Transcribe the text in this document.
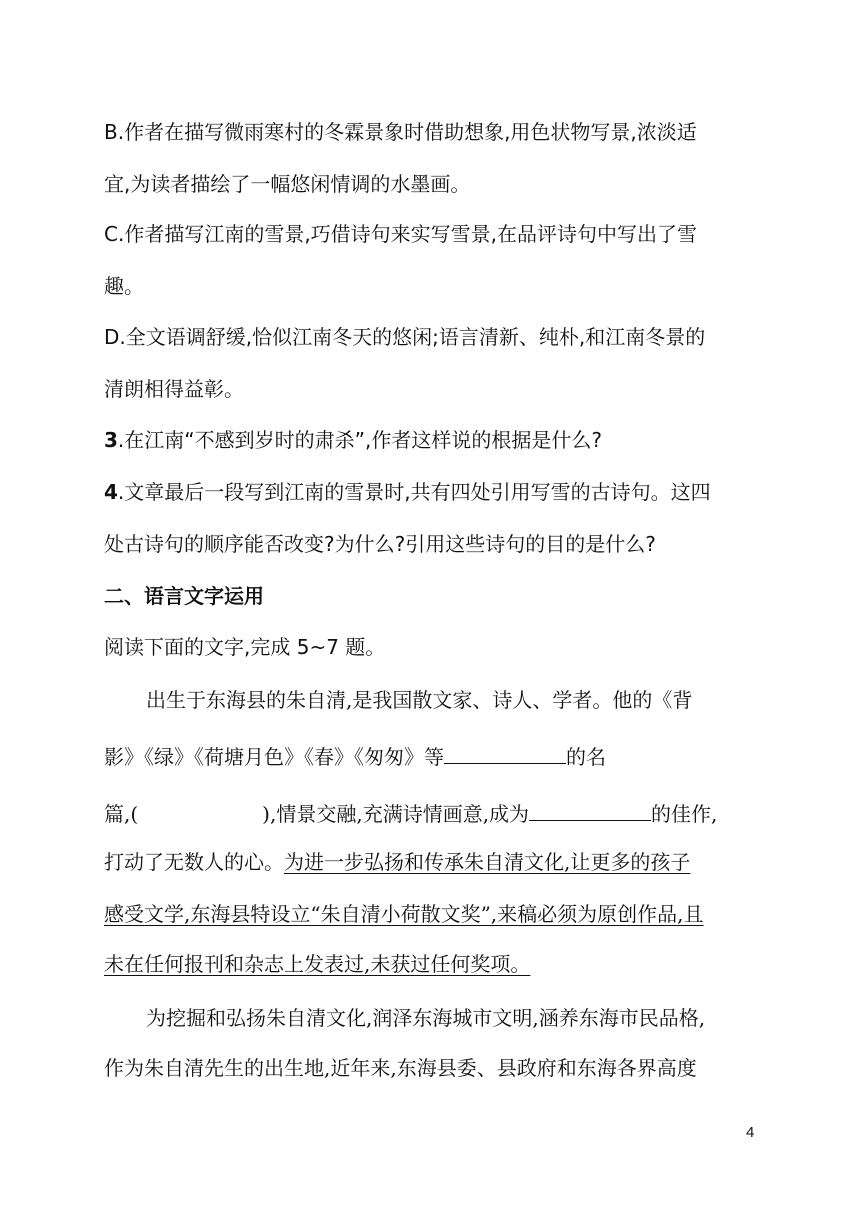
B.作者在描写微雨寒村的冬霖景象时借助想象,用色状物写景,浓淡适
宜,为读者描绘了一幅悠闲情调的水墨画。
C.作者描写江南的雪景,巧借诗句来实写雪景,在品评诗句中写出了雪
趣。
D.全文语调舒缓,恰似江南冬天的悠闲;语言清新、纯朴,和江南冬景的
清朗相得益彰。
3.在江南“不感到岁时的肃杀”,作者这样说的根据是什么?
4.文章最后一段写到江南的雪景时,共有四处引用写雪的古诗句。这四
处古诗句的顺序能否改变?为什么?引用这些诗句的目的是什么?
二、语言文字运用
阅读下面的文字,完成 5~7 题。
出生于东海县的朱自清,是我国散文家、诗人、学者。他的《背
影》《绿》《荷塘月色》《春》《匆匆》等	的名
篇,(	),情景交融,充满诗情画意,成为	的佳作,
打动了无数人的心。为进一步弘扬和传承朱自清文化,让更多的孩子
感受文学,东海县特设立“朱自清小荷散文奖”,来稿必须为原创作品,且
未在任何报刊和杂志上发表过,未获过任何奖项。
为挖掘和弘扬朱自清文化,润泽东海城市文明,涵养东海市民品格,
作为朱自清先生的出生地,近年来,东海县委、县政府和东海各界高度
4
